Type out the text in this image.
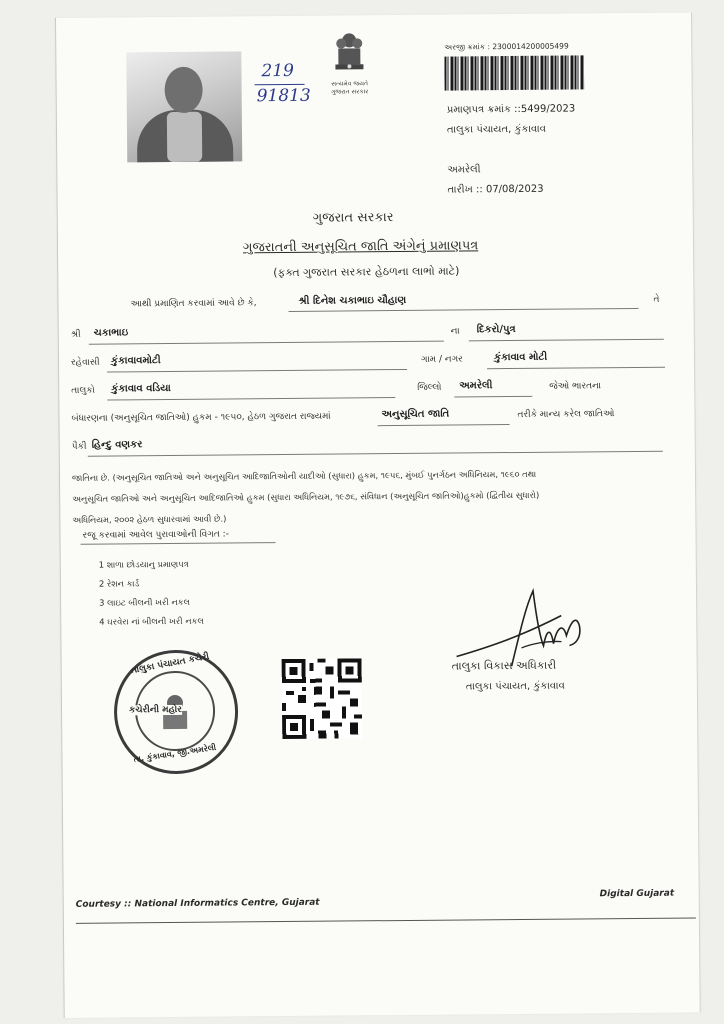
219
91813
સત્યમેવ જયતે
ગુજરાત સરકાર
અરજી ક્રમાંક : 2300014200005499
પ્રમાણપત્ર ક્રમાંક ::5499/2023
તાલુકા પંચાયત, કુંકાવાવ
અમરેલી
તારીખ :: 07/08/2023
ગુજરાત સરકાર
ગુજરાતની અનુસૂચિત જાતિ અંગેનું પ્રમાણપત્ર
(ફક્ત ગુજરાત સરકાર હેઠળના લાભો માટે)
આથી પ્રમાણિત કરવામાં આવે છે કે,	શ્રી દિનેશ ચકાભાઇ ચૌહાણ	તે
શ્રી ચકાભાઇ	ના દિકરો/પુત્ર
રહેવાસી કુંકાવાવમોટી	ગામ / નગર	કુંકાવાવ મોટી
તાલુકો કુંકાવાવ વડિયા	જિલ્લો અમરેલી	જેઓ ભારતના
બંધારણના (અનુસૂચિત જાતિઓ) હુકમ - ૧૯૫૦, હેઠળ ગુજરાત રાજ્યમાં	અનુસૂચિત જાતિ	તરીકે માન્ય કરેલ જાતિઓ
પૈકી હિન્દુ વણકર
જાતિના છે. (અનુસૂચિત જાતિઓ અને અનુસૂચિત આદિજાતિઓની યાદીઓ (સુધારા) હુકમ, ૧૯૫૬, મુંબઈ પુનર્ગઠન અધિનિયમ, ૧૯૬૦ તથા
અનુસૂચિત જાતિઓ અને અનુસૂચિત આદિજાતિઓ હુકમ (સુધારા અધિનિયમ, ૧૯૭૬, સંવિધાન (અનુસૂચિત જાતિઓ)હુકમો (દ્વિતીય સુધારો)
અધિનિયમ, ૨૦૦૨ હેઠળ સુધારવામાં આવી છે.)
રજૂ કરવામાં આવેલ પુરાવાઓની વિગત :-
1 શાળા છોડયાનુ પ્રમાણપત્ર
2 રેશન કાર્ડ
3 લાઇટ બીલની ખરી નકલ
4 ઘરવેરા નાં બીલની ખરી નકલ
તાલુકા વિકાસ અધિકારી
તાલુકા પંચાયત, કુંકાવાવ
તાલુકા પંચાયત કચેરી
કચેરીની મહોર
તા. કુંકાવાવ, જી.અમરેલી
Courtesy :: National Informatics Centre, Gujarat
Digital Gujarat
